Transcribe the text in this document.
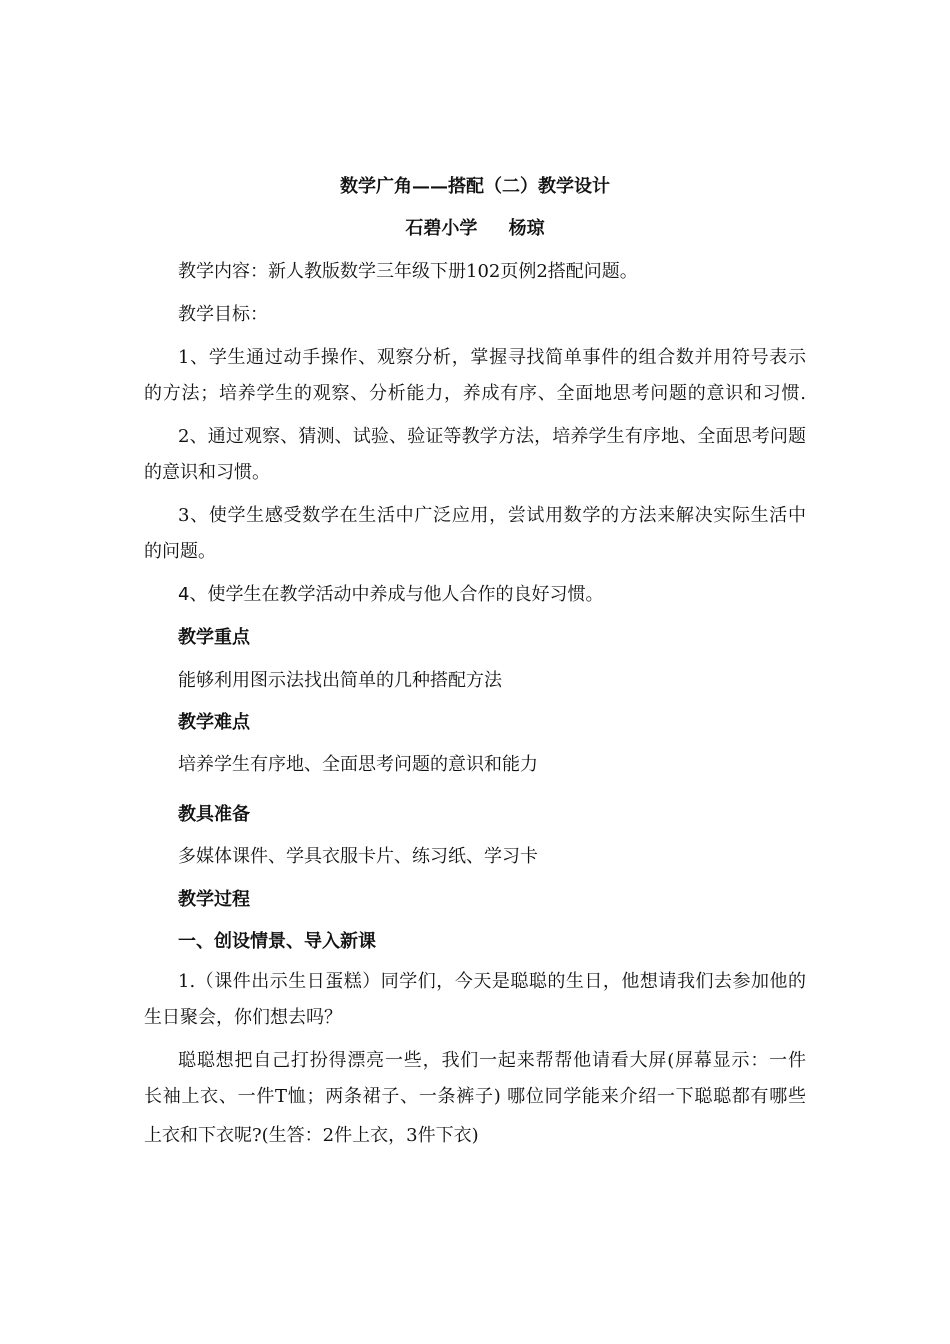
数学广角——搭配（二）教学设计
石碧小学     杨琼
教学内容：新人教版数学三年级下册102页例2搭配问题。
教学目标：
1、学生通过动手操作、观察分析，掌握寻找简单事件的组合数并用符号表示
的方法；培养学生的观察、分析能力，养成有序、全面地思考问题的意识和习惯.
2、通过观察、猜测、试验、验证等教学方法，培养学生有序地、全面思考问题
的意识和习惯。
3、使学生感受数学在生活中广泛应用，尝试用数学的方法来解决实际生活中
的问题。
4、使学生在教学活动中养成与他人合作的良好习惯。
教学重点
能够利用图示法找出简单的几种搭配方法
教学难点
培养学生有序地、全面思考问题的意识和能力
教具准备
多媒体课件、学具衣服卡片、练习纸、学习卡
教学过程
一、创设情景、导入新课
1.（课件出示生日蛋糕）同学们，今天是聪聪的生日，他想请我们去参加他的
生日聚会，你们想去吗？
聪聪想把自己打扮得漂亮一些，我们一起来帮帮他请看大屏(屏幕显示：一件
长袖上衣、一件T恤；两条裙子、一条裤子) 哪位同学能来介绍一下聪聪都有哪些
上衣和下衣呢?(生答：2件上衣，3件下衣)
